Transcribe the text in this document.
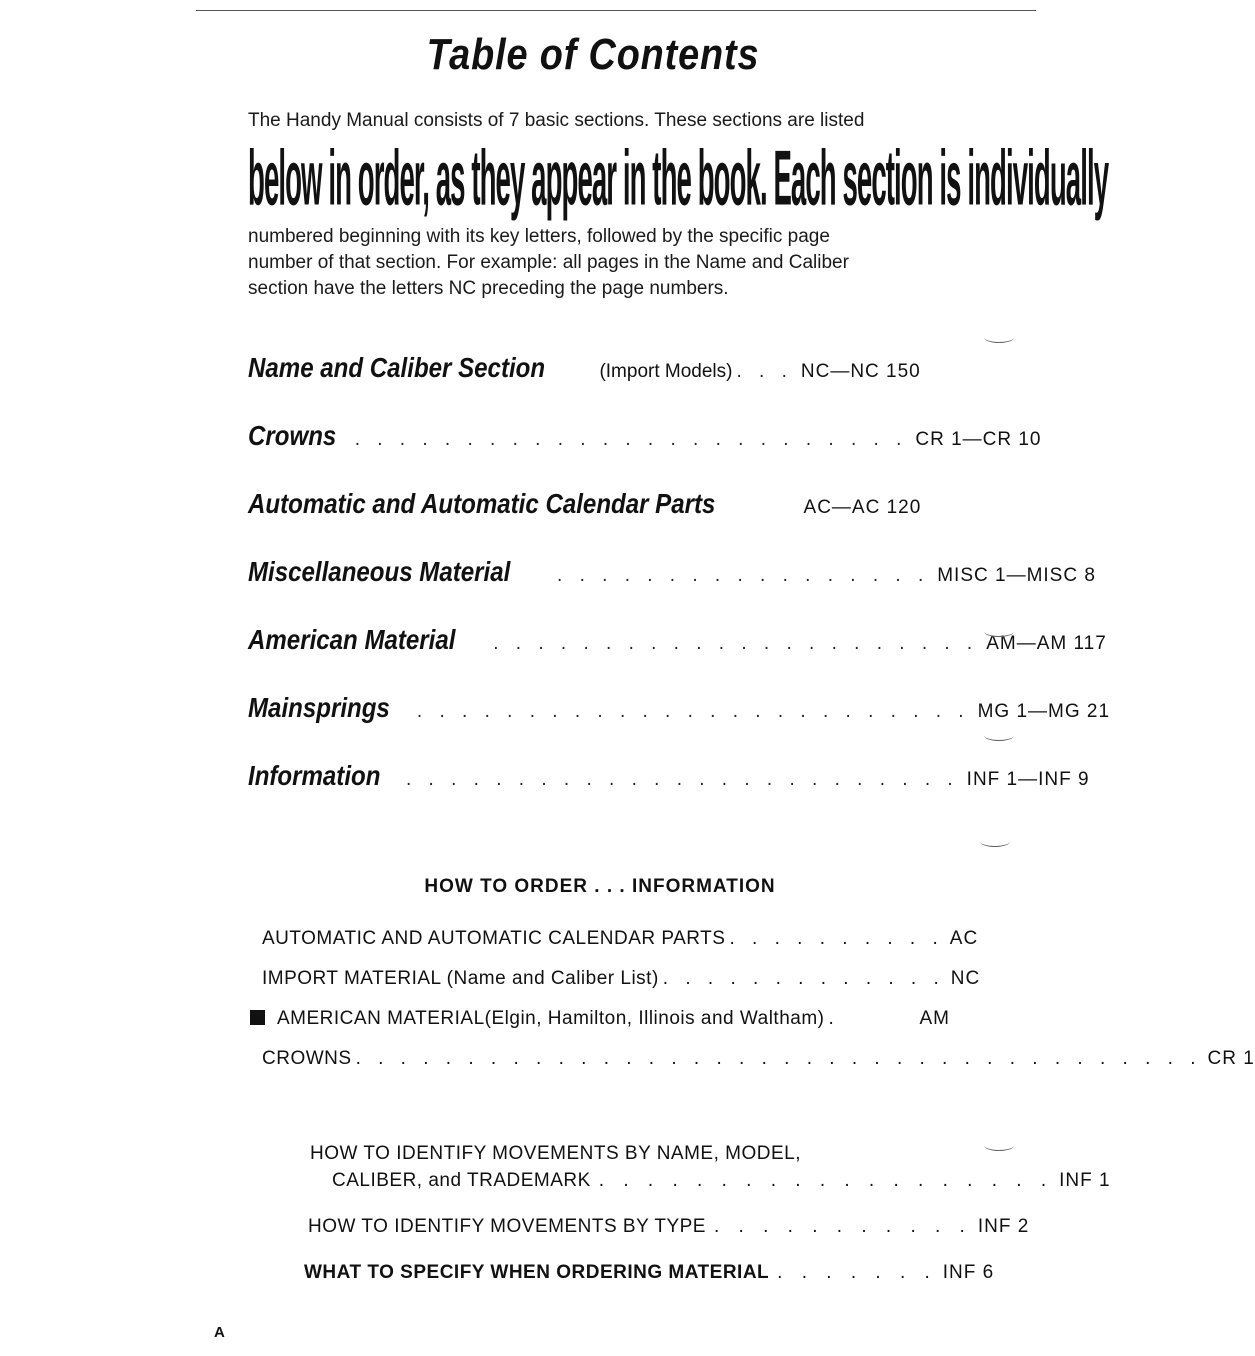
Table of Contents

The Handy Manual consists of 7 basic sections. These sections are listed

below in order, as they appear in the book. Each section is individually

numbered beginning with its key letters, followed by the specific page

number of that section. For example: all pages in the Name and Caliber

section have the letters NC preceding the page numbers.

Name and Caliber Section	(Import Models) . . . NC—NC 150
Crowns . . . . . . . . . . . . . . . . . . . . . . . . . CR 1—CR 10
Automatic and Automatic Calendar Parts	AC—AC 120
Miscellaneous Material	. . . . . . . . . . . . . . . . . MISC 1—MISC 8
American Material	. . . . . . . . . . . . . . . . . . . . . . AM—AM 117
Mainsprings	. . . . . . . . . . . . . . . . . . . . . . . . . MG 1—MG 21
Information	. . . . . . . . . . . . . . . . . . . . . . . . . INF 1—INF 9
HOW TO ORDER . . . INFORMATION
AUTOMATIC AND AUTOMATIC CALENDAR PARTS . . . . . . . . . . AC
IMPORT MATERIAL (Name and Caliber List) . . . . . . . . . . . . . NC
AMERICAN MATERIAL(Elgin, Hamilton, Illinois and Waltham) .	AM
CROWNS . . . . . . . . . . . . . . . . . . . . . . . . . . . . . . . . . . . . . . CR 1
HOW TO IDENTIFY MOVEMENTS BY NAME, MODEL,
CALIBER, and TRADEMARK . . . . . . . . . . . . . . . . . . . INF 1
HOW TO IDENTIFY MOVEMENTS BY TYPE . . . . . . . . . . . INF 2
WHAT TO SPECIFY WHEN ORDERING MATERIAL . . . . . . . INF 6
A
